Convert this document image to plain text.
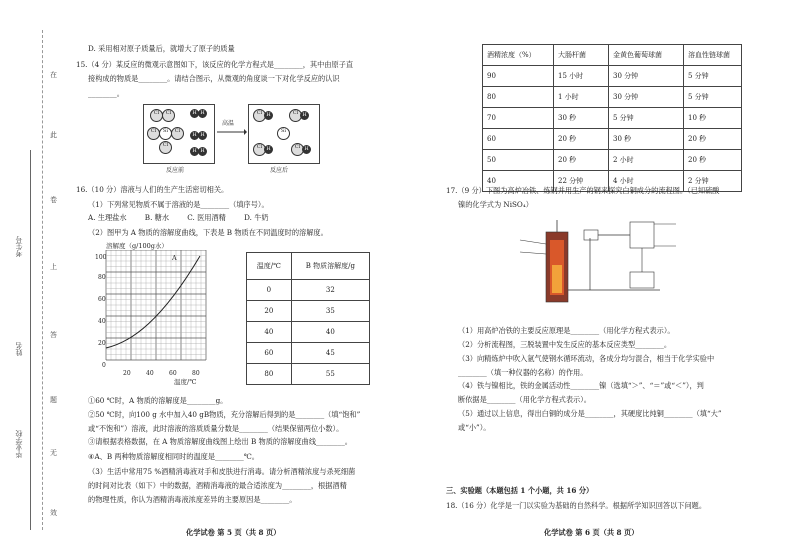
在
此
卷
上
答
题
无
效
考生号
姓名
毕业学校
D. 采用相对原子质量后，就增大了原子的质量
15.（4 分）某反应的微观示意图如下，该反应的化学方程式是________，其中由原子直
接构成的物质是________。请结合图示，从微观的角度谈一下对化学反应的认识
________。
Cl	Cl
Cl	Si	Cl
Cl
H H
H H
H H
高温
Cl H	Cl H
Si
Cl H	Cl H
反应前	反应后
16.（10 分）溶液与人们的生产生活密切相关。
（1）下列常见物质不属于溶液的是________（填序号）。
A. 生理盐水        B. 糖水        C. 医用酒精        D. 牛奶
（2）图甲为 A 物质的溶解度曲线，下表是 B 物质在不同温度时的溶解度。
溶解度（g/100g水）
A
100
80
60
40
20
0
20	40	60	80
温度/℃
温度/℃	B 物质溶解度/g
0	32
20	35
40	40
60	45
80	55
①60 ℃时，A 物质的溶解度是________g。
②50 ℃时，向100 g 水中加入40 gB物质，充分溶解后得到的是________（填“饱和”
或“不饱和”）溶液，此时溶液的溶质质量分数是________（结果保留两位小数）。
③请根据表格数据，在 A 物质溶解度曲线图上绘出 B 物质的溶解度曲线________。
④A、B 两种物质溶解度相同时的温度是________℃。
（3）生活中常用75 %酒精消毒液对手和皮肤进行消毒。请分析酒精浓度与杀死细菌
的时间对比表（如下）中的数据，酒精消毒液的最合适浓度为________，根据酒精
的物理性质，你认为酒精消毒液浓度差异的主要原因是________。
化学试卷 第 5 页（共 8 页）
酒精浓度（%）	大肠杆菌	金黄色葡萄球菌	溶血性链球菌
90	15 小时	30 分钟	5 分钟
80	1 小时	30 分钟	5 分钟
70	30 秒	5 分钟	10 秒
60	20 秒	30 秒	20 秒
50	20 秒	2 小时	20 秒
40	22 分钟	4 小时	2 分钟
17.（9 分）下图为高炉冶铁、炼钢并用生产的钢来探究白铜成分的流程图。（已知硫酸
镍的化学式为 NiSO₄）
（1）用高炉冶铁的主要反应原理是________（用化学方程式表示）。
（2）分析流程图，三脱装置中发生反应的基本反应类型________。
（3）向精炼炉中吹入氩气使钢水循环流动，各成分均匀混合，相当于化学实验中
________（填一种仪器的名称）的作用。
（4）铁与镍相比，铁的金属活动性________镍（选填“＞”、“＝”或“＜”），判
断依据是________（用化学方程式表示）。
（5）通过以上信息，得出白铜的成分是________，其硬度比纯铜________（填“大”
或“小”）。
三、实验题（本题包括 1 个小题，共 16 分）
18.（16 分）化学是一门以实验为基础的自然科学。根据所学知识回答以下问题。
化学试卷 第 6 页（共 8 页）
